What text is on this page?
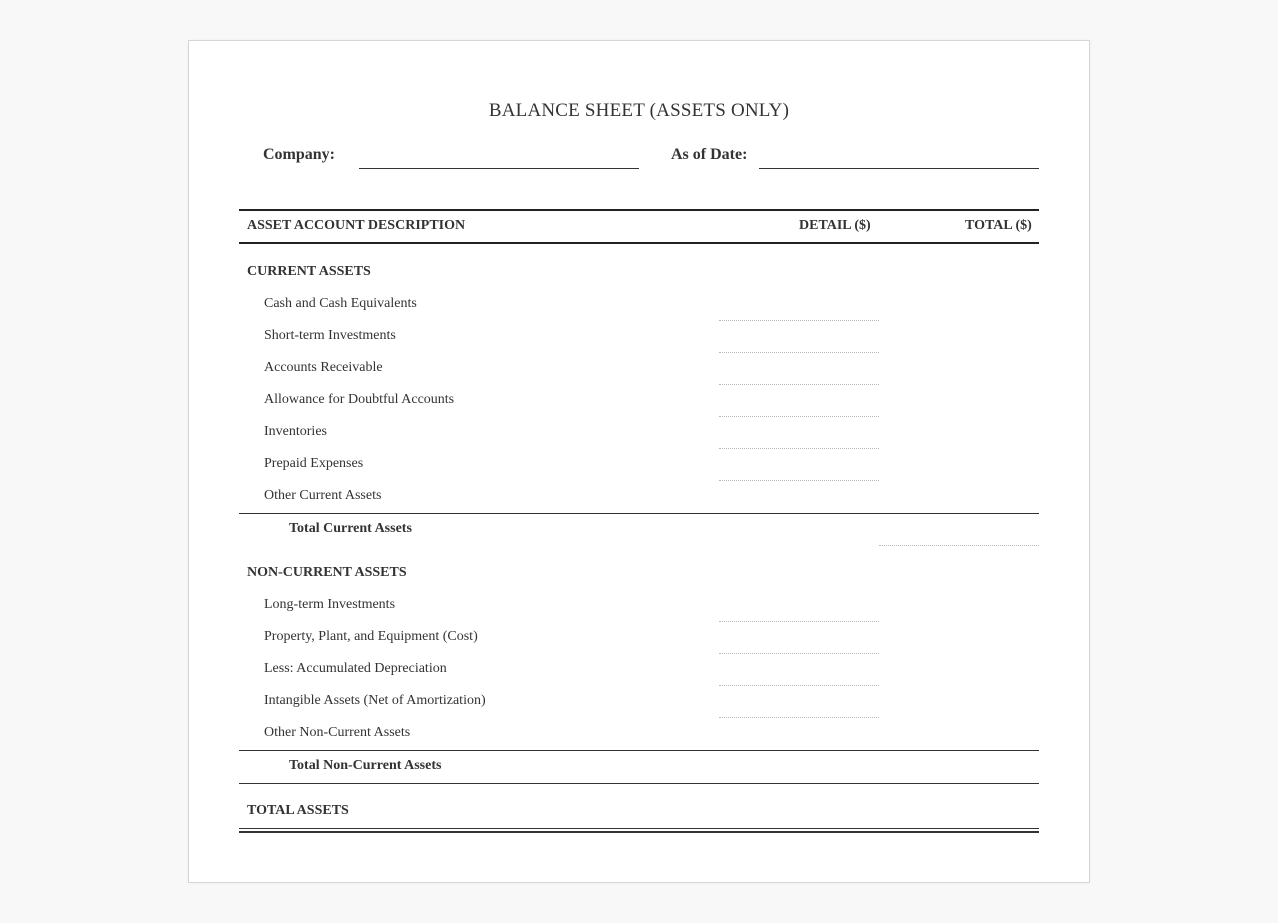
BALANCE SHEET (ASSETS ONLY)
Company:	As of Date:
ASSET ACCOUNT DESCRIPTION	DETAIL ($)	TOTAL ($)
CURRENT ASSETS
Cash and Cash Equivalents
Short-term Investments
Accounts Receivable
Allowance for Doubtful Accounts
Inventories
Prepaid Expenses
Other Current Assets
Total Current Assets
NON-CURRENT ASSETS
Long-term Investments
Property, Plant, and Equipment (Cost)
Less: Accumulated Depreciation
Intangible Assets (Net of Amortization)
Other Non-Current Assets
Total Non-Current Assets
TOTAL ASSETS
